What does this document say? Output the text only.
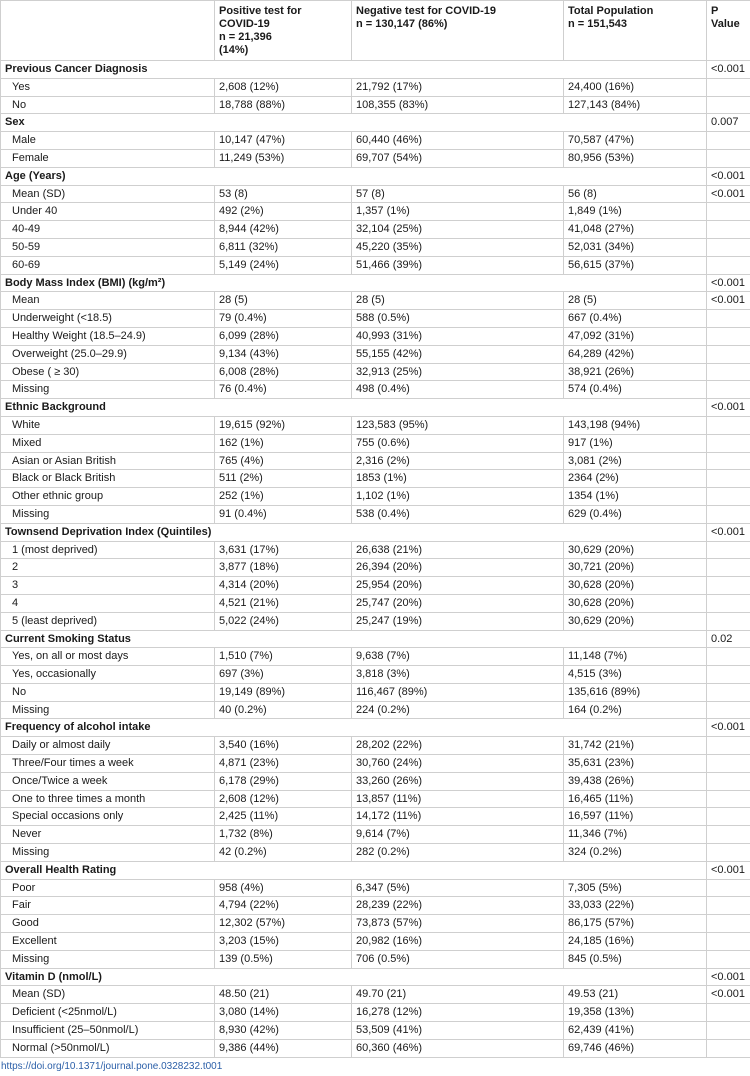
	Positive test for
COVID-19
n = 21,396
(14%)	Negative test for COVID-19
n = 130,147 (86%)	Total Population
n = 151,543	P Value
Previous Cancer Diagnosis				<0.001
Yes	2,608 (12%)	21,792 (17%)	24,400 (16%)	
No	18,788 (88%)	108,355 (83%)	127,143 (84%)	
Sex				0.007
Male	10,147 (47%)	60,440 (46%)	70,587 (47%)	
Female	11,249 (53%)	69,707 (54%)	80,956 (53%)	
Age (Years)				<0.001
Mean (SD)	53 (8)	57 (8)	56 (8)	<0.001
Under 40	492 (2%)	1,357 (1%)	1,849 (1%)	
40-49	8,944 (42%)	32,104 (25%)	41,048 (27%)	
50-59	6,811 (32%)	45,220 (35%)	52,031 (34%)	
60-69	5,149 (24%)	51,466 (39%)	56,615 (37%)	
Body Mass Index (BMI) (kg/m²)				<0.001
Mean	28 (5)	28 (5)	28 (5)	<0.001
Underweight (<18.5)	79 (0.4%)	588 (0.5%)	667 (0.4%)	
Healthy Weight (18.5–24.9)	6,099 (28%)	40,993 (31%)	47,092 (31%)	
Overweight (25.0–29.9)	9,134 (43%)	55,155 (42%)	64,289 (42%)	
Obese ( ≥ 30)	6,008 (28%)	32,913 (25%)	38,921 (26%)	
Missing	76 (0.4%)	498 (0.4%)	574 (0.4%)	
Ethnic Background				<0.001
White	19,615 (92%)	123,583 (95%)	143,198 (94%)	
Mixed	162 (1%)	755 (0.6%)	917 (1%)	
Asian or Asian British	765 (4%)	2,316 (2%)	3,081 (2%)	
Black or Black British	511 (2%)	1853 (1%)	2364 (2%)	
Other ethnic group	252 (1%)	1,102 (1%)	1354 (1%)	
Missing	91 (0.4%)	538 (0.4%)	629 (0.4%)	
Townsend Deprivation Index (Quintiles)				<0.001
1 (most deprived)	3,631 (17%)	26,638 (21%)	30,629 (20%)	
2	3,877 (18%)	26,394 (20%)	30,721 (20%)	
3	4,314 (20%)	25,954 (20%)	30,628 (20%)	
4	4,521 (21%)	25,747 (20%)	30,628 (20%)	
5 (least deprived)	5,022 (24%)	25,247 (19%)	30,629 (20%)	
Current Smoking Status				0.02
Yes, on all or most days	1,510 (7%)	9,638 (7%)	11,148 (7%)	
Yes, occasionally	697 (3%)	3,818 (3%)	4,515 (3%)	
No	19,149 (89%)	116,467 (89%)	135,616 (89%)	
Missing	40 (0.2%)	224 (0.2%)	164 (0.2%)	
Frequency of alcohol intake				<0.001
Daily or almost daily	3,540 (16%)	28,202 (22%)	31,742 (21%)	
Three/Four times a week	4,871 (23%)	30,760 (24%)	35,631 (23%)	
Once/Twice a week	6,178 (29%)	33,260 (26%)	39,438 (26%)	
One to three times a month	2,608 (12%)	13,857 (11%)	16,465 (11%)	
Special occasions only	2,425 (11%)	14,172 (11%)	16,597 (11%)	
Never	1,732 (8%)	9,614 (7%)	11,346 (7%)	
Missing	42 (0.2%)	282 (0.2%)	324 (0.2%)	
Overall Health Rating				<0.001
Poor	958 (4%)	6,347 (5%)	7,305 (5%)	
Fair	4,794 (22%)	28,239 (22%)	33,033 (22%)	
Good	12,302 (57%)	73,873 (57%)	86,175 (57%)	
Excellent	3,203 (15%)	20,982 (16%)	24,185 (16%)	
Missing	139 (0.5%)	706 (0.5%)	845 (0.5%)	
Vitamin D (nmol/L)				<0.001
Mean (SD)	48.50 (21)	49.70 (21)	49.53 (21)	<0.001
Deficient (<25nmol/L)	3,080 (14%)	16,278 (12%)	19,358 (13%)	
Insufficient (25–50nmol/L)	8,930 (42%)	53,509 (41%)	62,439 (41%)	
Normal (>50nmol/L)	9,386 (44%)	60,360 (46%)	69,746 (46%)	
https://doi.org/10.1371/journal.pone.0328232.t001
